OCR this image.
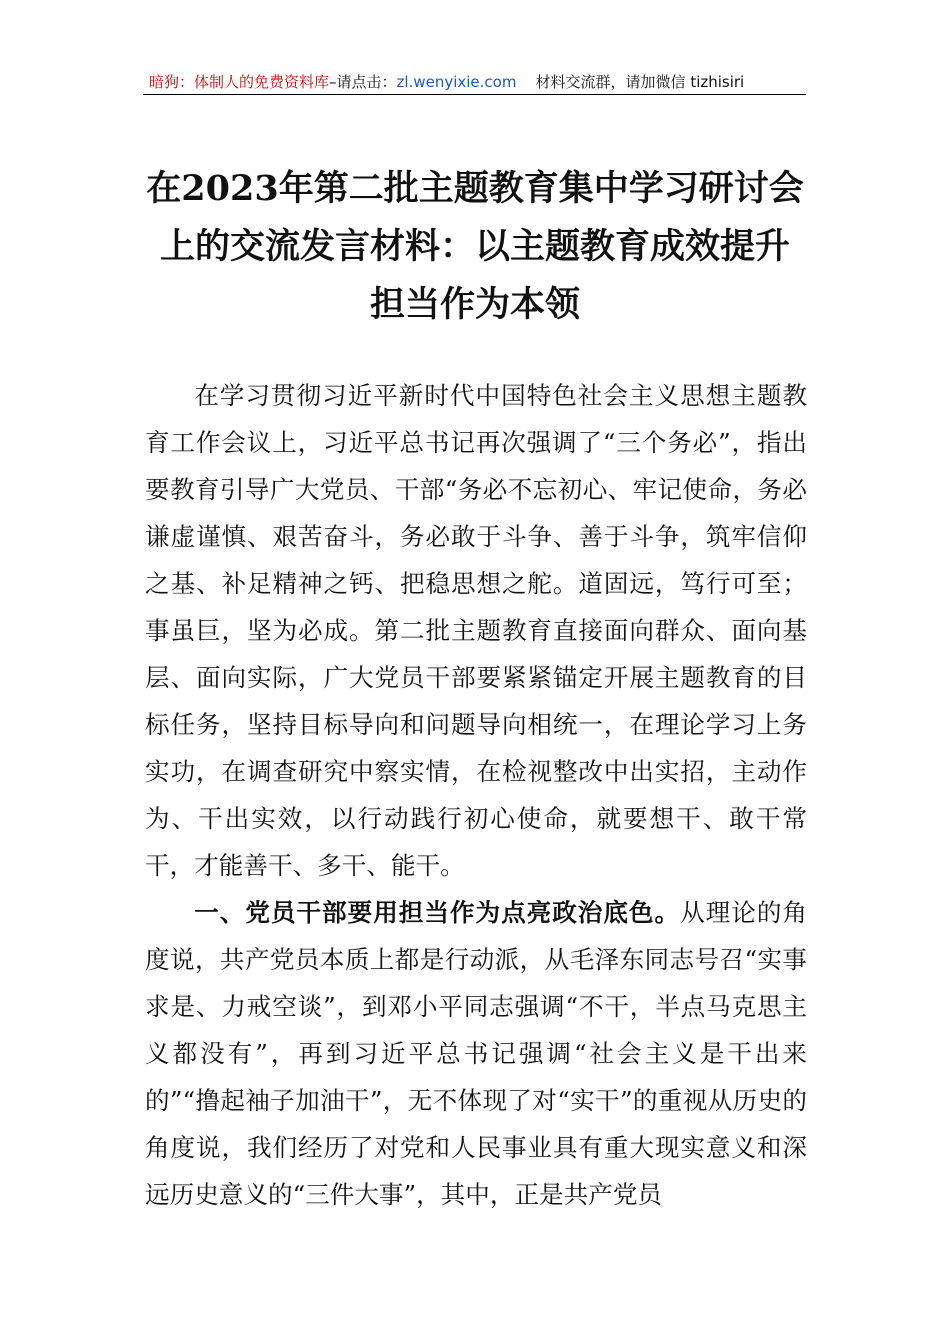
暗狗：体制人的免费资料库–请点击：zl.wenyixie.com 材料交流群，请加微信 tizhisiri
在2023年第二批主题教育集中学习研讨会
上的交流发言材料：以主题教育成效提升
担当作为本领

在学习贯彻习近平新时代中国特色社会主义思想主题教育工作会议上，习近平总书记再次强调了“三个务必”，指出要教育引导广大党员、干部“务必不忘初心、牢记使命，务必谦虚谨慎、艰苦奋斗，务必敢于斗争、善于斗争，筑牢信仰之基、补足精神之钙、把稳思想之舵。道固远，笃行可至；事虽巨，坚为必成。第二批主题教育直接面向群众、面向基层、面向实际，广大党员干部要紧紧锚定开展主题教育的目标任务，坚持目标导向和问题导向相统一，在理论学习上务实功，在调查研究中察实情，在检视整改中出实招，主动作为、干出实效，以行动践行初心使命，就要想干、敢干常干，才能善干、多干、能干。

一、党员干部要用担当作为点亮政治底色。从理论的角度说，共产党员本质上都是行动派，从毛泽东同志号召“实事求是、力戒空谈”，到邓小平同志强调“不干，半点马克思主义都没有”，再到习近平总书记强调“社会主义是干出来的”“撸起袖子加油干”，无不体现了对“实干”的重视从历史的角度说，我们经历了对党和人民事业具有重大现实意义和深远历史意义的“三件大事”，其中，正是共产党员
